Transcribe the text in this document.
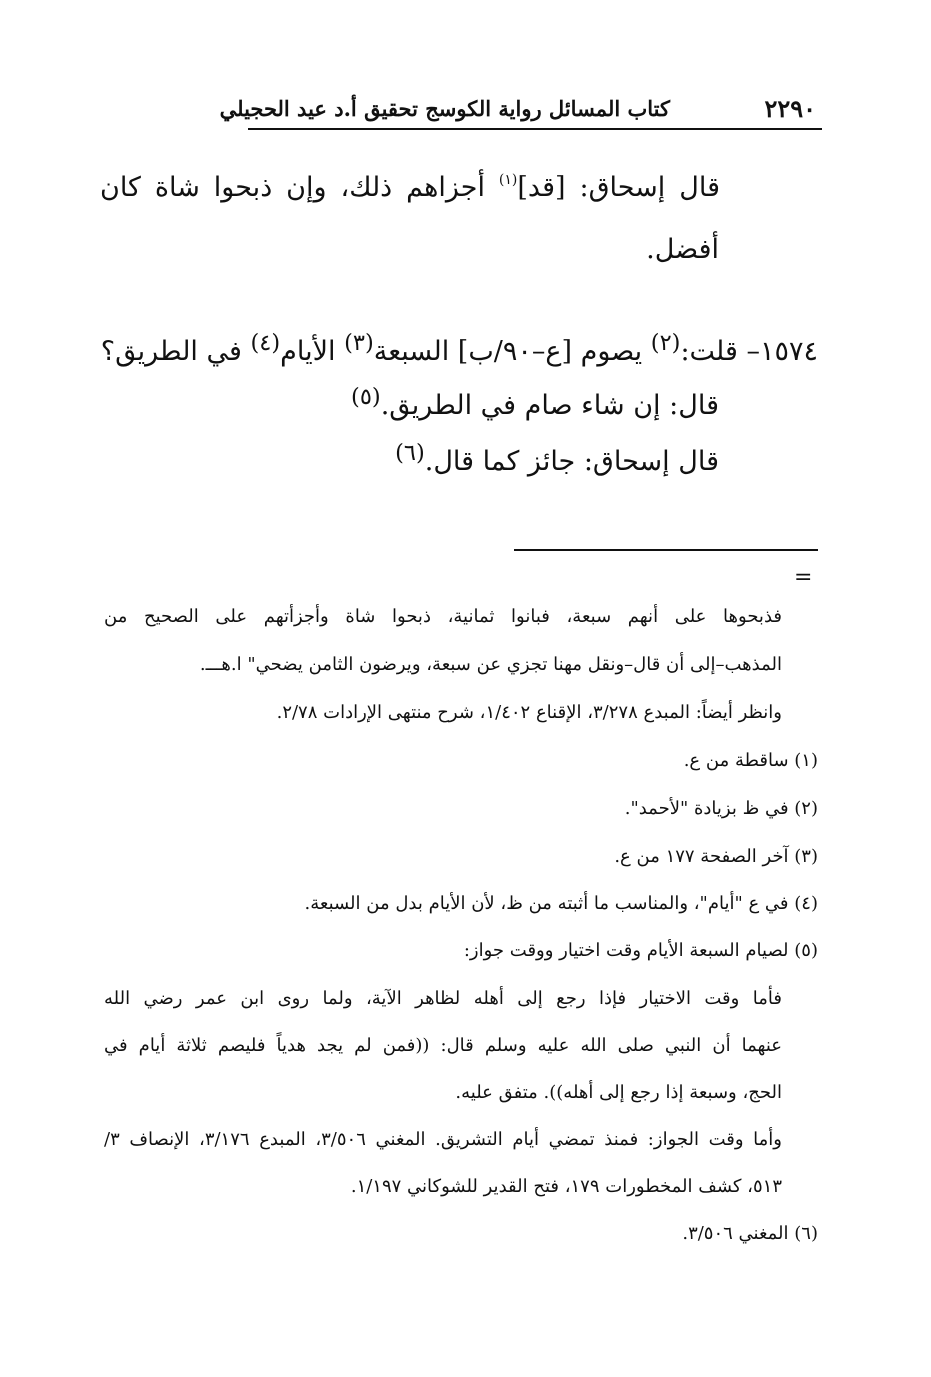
٢٢٩٠
كتاب المسائل رواية الكوسج تحقيق أ.د عيد الحجيلي
قال إسحاق: [قد]$^{(١)}$ أجزاهم ذلك، وإن ذبحوا شاة كان
أفضل.
١٥٧٤– قلت:$^{(٢)}$ يصوم [ع–٩٠/ب] السبعة$^{(٣)}$ الأيام$^{(٤)}$ في الطريق؟
قال: إن شاء صام في الطريق.$^{(٥)}$
قال إسحاق: جائز كما قال.$^{(٦)}$
=
فذبحوها على أنهم سبعة، فبانوا ثمانية، ذبحوا شاة وأجزأتهم على الصحيح من
المذهب–إلى أن قال–ونقل مهنا تجزي عن سبعة، ويرضون الثامن يضحي" ا.هـــ.
وانظر أيضاً: المبدع ٣/٢٧٨، الإقناع ١/٤٠٢، شرح منتهى الإرادات ٢/٧٨.
(١) ساقطة من ع.
(٢) في ظ بزيادة "لأحمد".
(٣) آخر الصفحة ١٧٧ من ع.
(٤) في ع "أيام"، والمناسب ما أثبته من ظ، لأن الأيام بدل من السبعة.
(٥) لصيام السبعة الأيام وقت اختيار ووقت جواز:
فأما وقت الاختيار فإذا رجع إلى أهله لظاهر الآية، ولما روى ابن عمر رضي الله
عنهما أن النبي صلى الله عليه وسلم قال: ((فمن لم يجد هدياً فليصم ثلاثة أيام في
الحج، وسبعة إذا رجع إلى أهله)). متفق عليه.
وأما وقت الجواز: فمنذ تمضي أيام التشريق. المغني ٣/٥٠٦، المبدع ٣/١٧٦، الإنصاف ٣/
٥١٣، كشف المخطورات ١٧٩، فتح القدير للشوكاني ١/١٩٧.
(٦) المغني ٣/٥٠٦.
